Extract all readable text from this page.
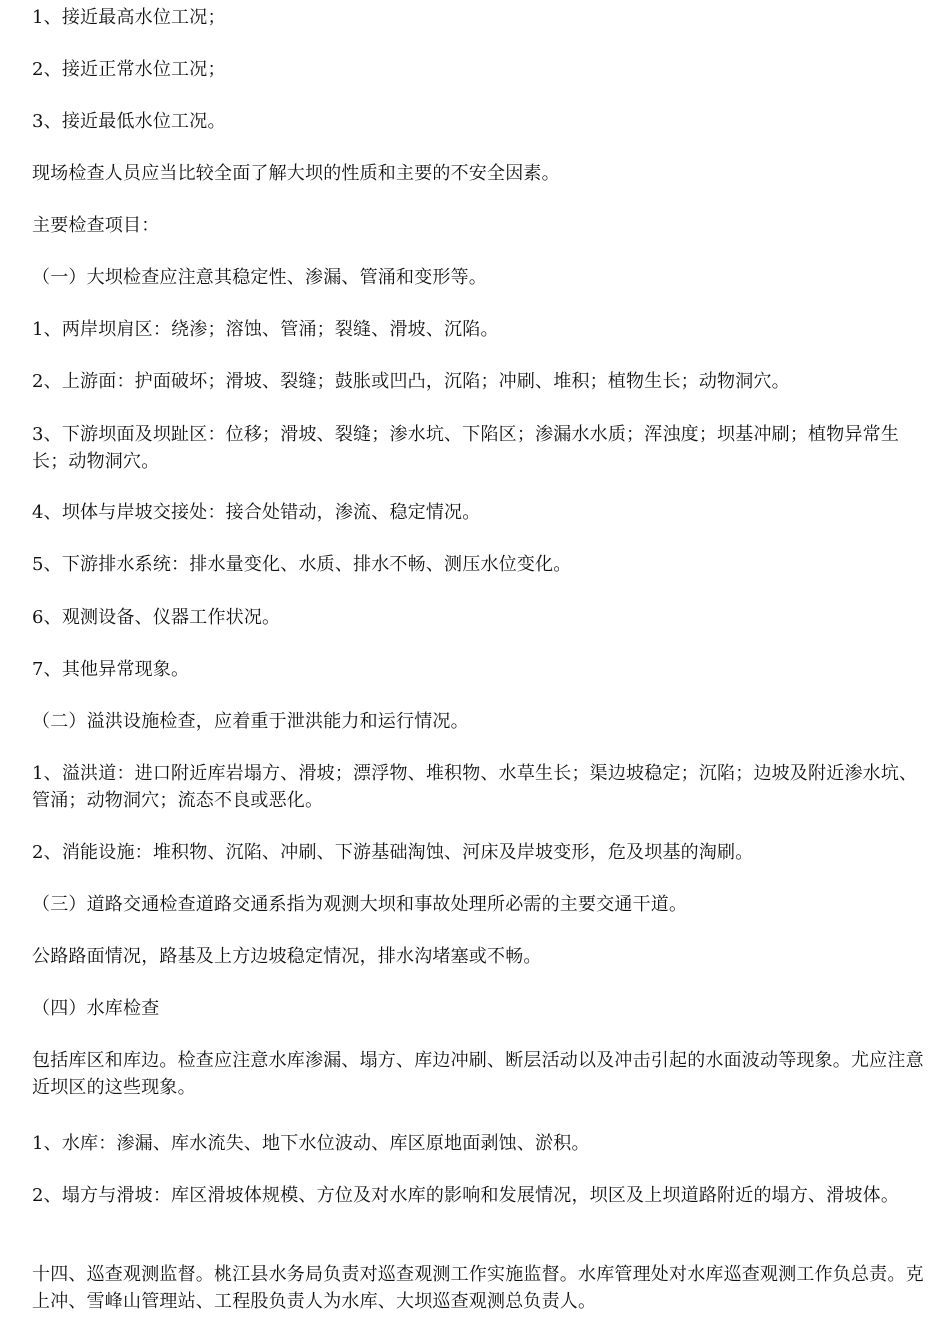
1、接近最高水位工况；

2、接近正常水位工况；

3、接近最低水位工况。

现场检查人员应当比较全面了解大坝的性质和主要的不安全因素。

主要检查项目：

（一）大坝检查应注意其稳定性、渗漏、管涌和变形等。

1、两岸坝肩区：绕渗；溶蚀、管涌；裂缝、滑坡、沉陷。

2、上游面：护面破坏；滑坡、裂缝；鼓胀或凹凸，沉陷；冲刷、堆积；植物生长；动物洞穴。

3、下游坝面及坝趾区：位移；滑坡、裂缝；渗水坑、下陷区；渗漏水水质；浑浊度；坝基冲刷；植物异常生长；动物洞穴。

4、坝体与岸坡交接处：接合处错动，渗流、稳定情况。

5、下游排水系统：排水量变化、水质、排水不畅、测压水位变化。

6、观测设备、仪器工作状况。

7、其他异常现象。

（二）溢洪设施检查，应着重于泄洪能力和运行情况。

1、溢洪道：进口附近库岩塌方、滑坡；漂浮物、堆积物、水草生长；渠边坡稳定；沉陷；边坡及附近渗水坑、管涌；动物洞穴；流态不良或恶化。

2、消能设施：堆积物、沉陷、冲刷、下游基础淘蚀、河床及岸坡变形，危及坝基的淘刷。

（三）道路交通检查道路交通系指为观测大坝和事故处理所必需的主要交通干道。

公路路面情况，路基及上方边坡稳定情况，排水沟堵塞或不畅。

（四）水库检查

包括库区和库边。检查应注意水库渗漏、塌方、库边冲刷、断层活动以及冲击引起的水面波动等现象。尤应注意近坝区的这些现象。

1、水库：渗漏、库水流失、地下水位波动、库区原地面剥蚀、淤积。

2、塌方与滑坡：库区滑坡体规模、方位及对水库的影响和发展情况，坝区及上坝道路附近的塌方、滑坡体。

十四、巡查观测监督。桃江县水务局负责对巡查观测工作实施监督。水库管理处对水库巡查观测工作负总责。克上冲、雪峰山管理站、工程股负责人为水库、大坝巡查观测总负责人。
